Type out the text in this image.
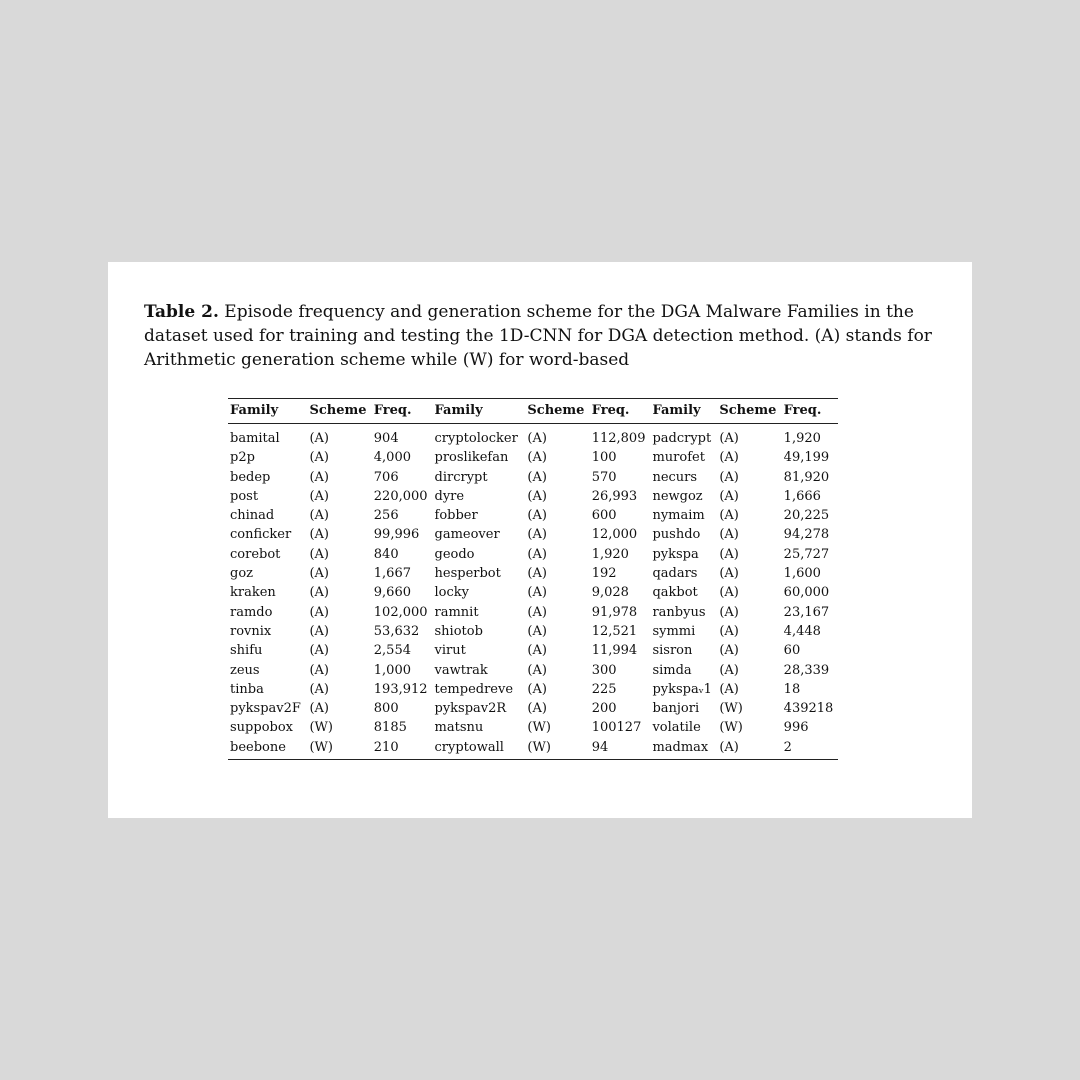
Table 2. Episode frequency and generation scheme for the DGA Malware Families in the dataset used for training and testing the 1D-CNN for DGA detection method. (A) stands for Arithmetic generation scheme while (W) for word-based
Family	Scheme	Freq.	Family	Scheme	Freq.	Family	Scheme	Freq.
bamital	(A)	904	cryptolocker	(A)	112,809	padcrypt	(A)	1,920
p2p	(A)	4,000	proslikefan	(A)	100	murofet	(A)	49,199
bedep	(A)	706	dircrypt	(A)	570	necurs	(A)	81,920
post	(A)	220,000	dyre	(A)	26,993	newgoz	(A)	1,666
chinad	(A)	256	fobber	(A)	600	nymaim	(A)	20,225
conficker	(A)	99,996	gameover	(A)	12,000	pushdo	(A)	94,278
corebot	(A)	840	geodo	(A)	1,920	pykspa	(A)	25,727
goz	(A)	1,667	hesperbot	(A)	192	qadars	(A)	1,600
kraken	(A)	9,660	locky	(A)	9,028	qakbot	(A)	60,000
ramdo	(A)	102,000	ramnit	(A)	91,978	ranbyus	(A)	23,167
rovnix	(A)	53,632	shiotob	(A)	12,521	symmi	(A)	4,448
shifu	(A)	2,554	virut	(A)	11,994	sisron	(A)	60
zeus	(A)	1,000	vawtrak	(A)	300	simda	(A)	28,339
tinba	(A)	193,912	tempedreve	(A)	225	pykspaᵥ1	(A)	18
pykspav2F	(A)	800	pykspav2R	(A)	200	banjori	(W)	439218
suppobox	(W)	8185	matsnu	(W)	100127	volatile	(W)	996
beebone	(W)	210	cryptowall	(W)	94	madmax	(A)	2
